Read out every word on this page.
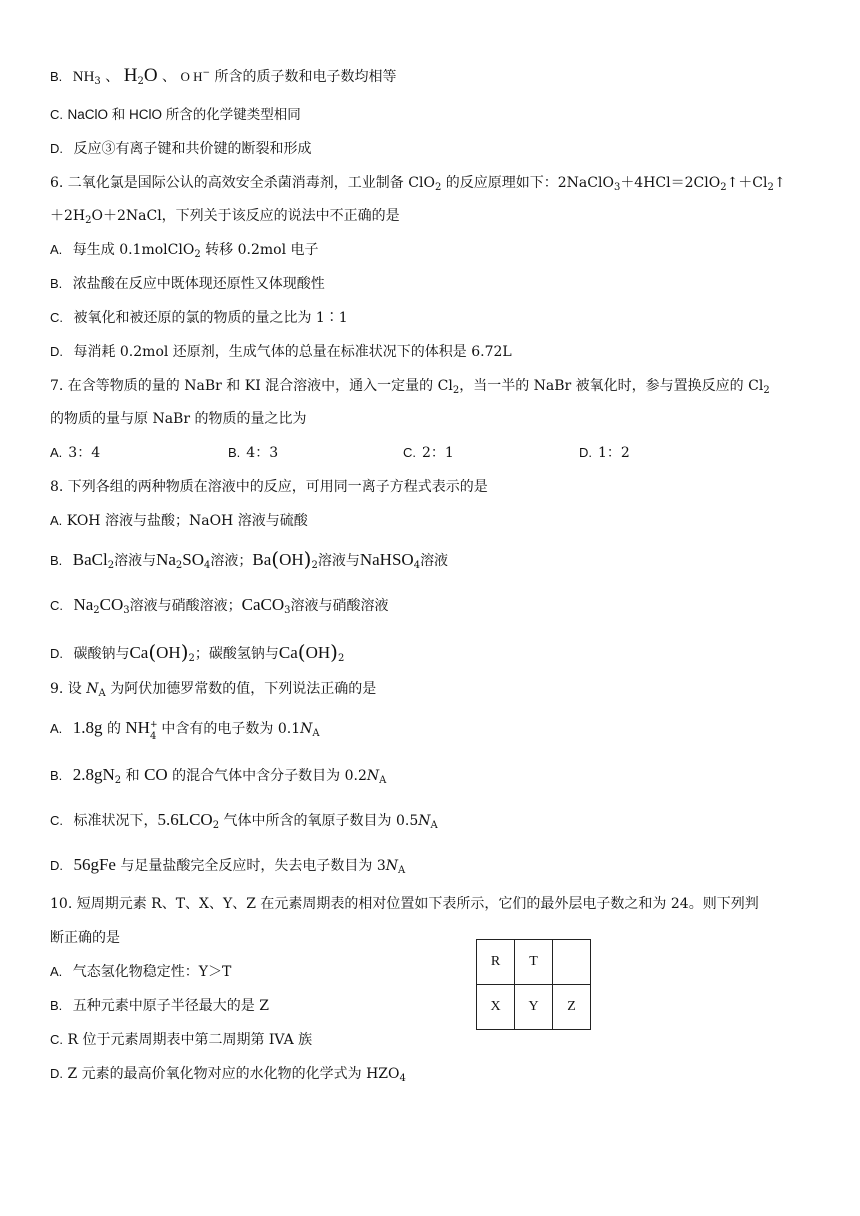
B. $NH_3$ 、 $H_2O$ 、 O H− 所含的质子数和电子数均相等
C. NaClO 和 HClO 所含的化学键类型相同
D. 反应③有离子键和共价键的断裂和形成
6. 二氧化氯是国际公认的高效安全杀菌消毒剂，工业制备 ClO$_2$ 的反应原理如下：$2NaClO_3+4HCl=2ClO_2↑+Cl_2↑$
$+2H_2O+2NaCl$，下列关于该反应的说法中不正确的是
A. 每生成 0.1molClO$_2$ 转移 0.2mol 电子
B. 浓盐酸在反应中既体现还原性又体现酸性
C. 被氧化和被还原的氯的物质的量之比为 1∶1
D. 每消耗 0.2mol 还原剂，生成气体的总量在标准状况下的体积是 6.72L
7. 在含等物质的量的 NaBr 和 KI 混合溶液中，通入一定量的 $Cl_2$，当一半的 NaBr 被氧化时，参与置换反应的 $Cl_2$
的物质的量与原 NaBr 的物质的量之比为
A. 3：4	B. 4：3	C. 2：1	D. 1：2
8. 下列各组的两种物质在溶液中的反应，可用同一离子方程式表示的是
A. KOH 溶液与盐酸；NaOH 溶液与硫酸
B. BaCl$_2$溶液与$Na_2SO_4$溶液；$Ba(OH)_2$溶液与NaHSO$_4$溶液
C. $Na_2CO_3$溶液与硝酸溶液；CaCO$_3$溶液与硝酸溶液
D. 碳酸钠与$Ca(OH)_2$；碳酸氢钠与$Ca(OH)_2$
9. 设 $N_A$ 为阿伏加德罗常数的值，下列说法正确的是
A. 1.8g 的 NH +
4 中含有的电子数为 $0.1N_A$
B. $2.8gN_2$ 和 CO 的混合气体中含分子数目为 $0.2N_A$
C. 标准状况下，$5.6LCO_2$ 气体中所含的氧原子数目为 $0.5N_A$
D. 56gFe 与足量盐酸完全反应时，失去电子数目为 $3N_A$
10. 短周期元素 R、T、X、Y、Z 在元素周期表的相对位置如下表所示，它们的最外层电子数之和为 24。则下列判
断正确的是
A. 气态氢化物稳定性：Y＞T
B. 五种元素中原子半径最大的是 Z
C. R 位于元素周期表中第二周期第 IVA 族
D. Z 元素的最高价氧化物对应的水化物的化学式为 $HZO_4$
R	T	
X	Y	Z
